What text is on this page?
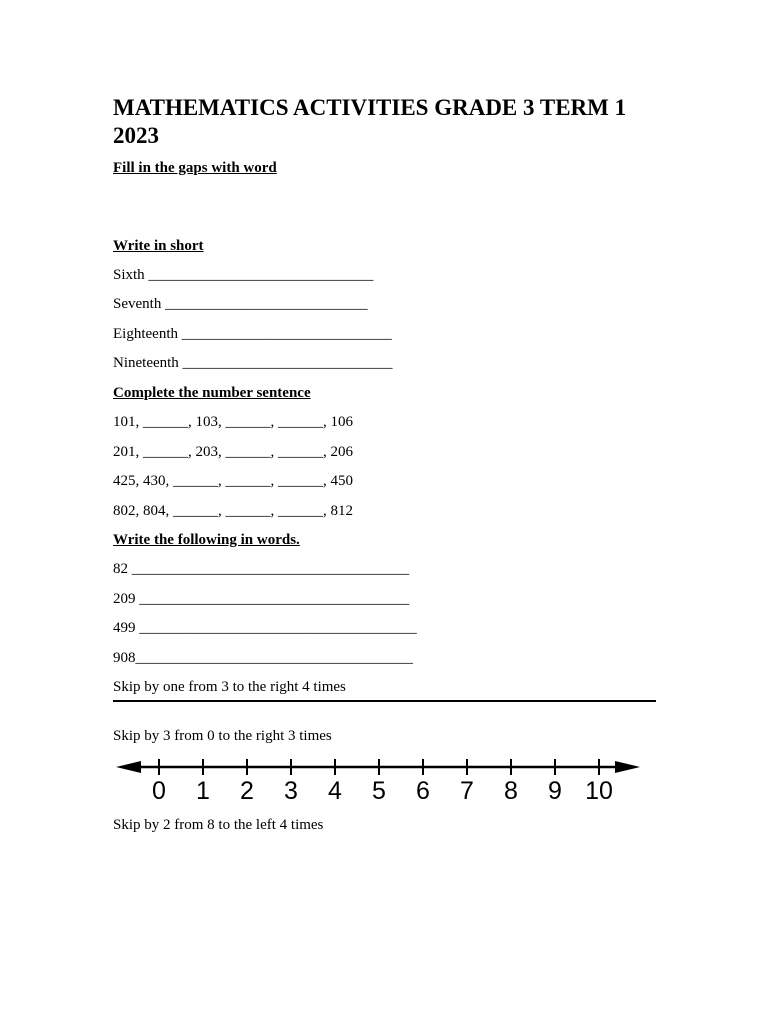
MATHEMATICS ACTIVITIES GRADE 3 TERM 1 2023
Fill in the gaps with word
Write in short
Sixth ______________________________
Seventh ___________________________
Eighteenth ____________________________
Nineteenth ____________________________
Complete the number sentence
101, ______, 103, ______, ______, 106
201, ______, 203, ______, ______, 206
425, 430, ______, ______, ______, 450
802, 804, ______, ______, ______, 812
Write the following in words.
82 _____________________________________
209 ____________________________________
499 _____________________________________
908_____________________________________
Skip by one from 3 to the right 4 times
Skip by 3 from 0 to the right 3 times
0 1 2 3 4 5 6 7 8 9 10
Skip by 2 from 8 to the left 4 times
